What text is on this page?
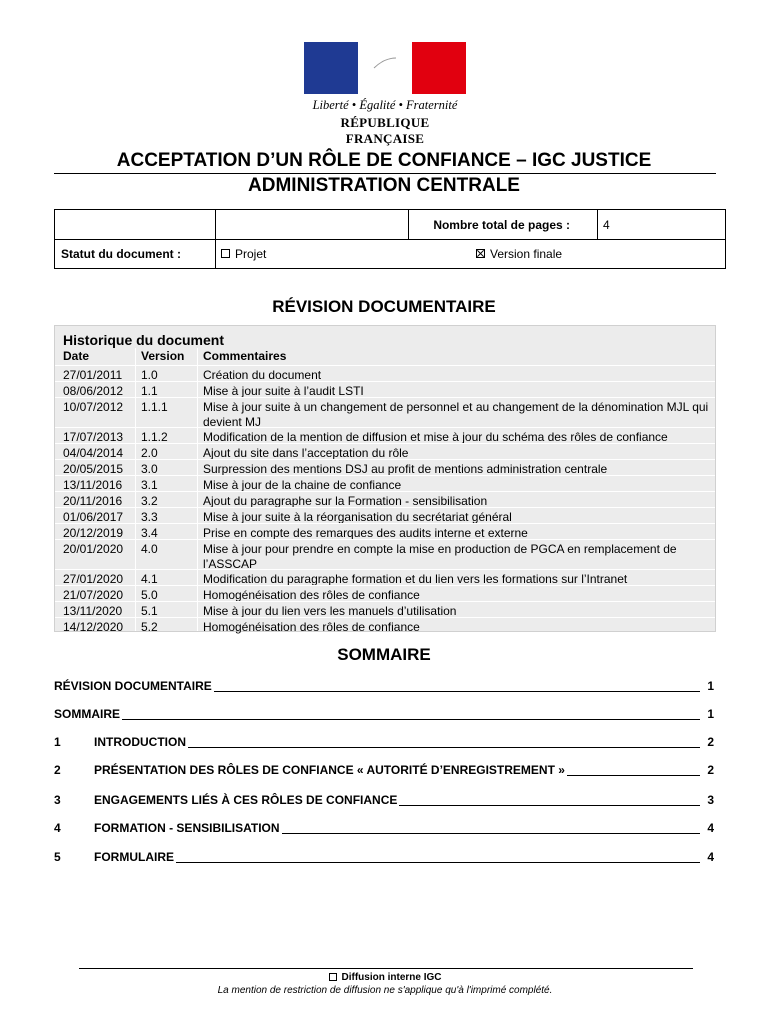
Liberté • Égalité • Fraternité
RÉPUBLIQUE FRANÇAISE
ACCEPTATION D’UN RÔLE DE CONFIANCE – IGC JUSTICE
ADMINISTRATION CENTRALE
Nombre total de pages :	4
Statut du document :	Projet	Version finale
RÉVISION DOCUMENTAIRE
Historique du document
Date	Version Commentaires
27/01/2011 1.0	Création du document
08/06/2012 1.1	Mise à jour suite à l’audit LSTI
10/07/2012 1.1.1	Mise à jour suite à un changement de personnel et au changement de la dénomination MJL qui devient MJ
17/07/2013 1.1.2	Modification de la mention de diffusion et mise à jour du schéma des rôles de confiance
04/04/2014 2.0	Ajout du site dans l’acceptation du rôle
20/05/2015 3.0	Surpression des mentions DSJ au profit de mentions administration centrale
13/11/2016 3.1	Mise à jour de la chaine de confiance
20/11/2016 3.2	Ajout du paragraphe sur la Formation - sensibilisation
01/06/2017 3.3	Mise à jour suite à la réorganisation du secrétariat général
20/12/2019 3.4	Prise en compte des remarques des audits interne et externe
20/01/2020 4.0	Mise à jour pour prendre en compte la mise en production de PGCA en remplacement de l’ASSCAP
27/01/2020 4.1	Modification du paragraphe formation et du lien vers les formations sur l’Intranet
21/07/2020 5.0	Homogénéisation des rôles de confiance
13/11/2020 5.1	Mise à jour du lien vers les manuels d’utilisation
14/12/2020 5.2	Homogénéisation des rôles de confiance
SOMMAIRE
RÉVISION DOCUMENTAIRE	1
SOMMAIRE	1
1	INTRODUCTION	2
2	PRÉSENTATION DES RÔLES DE CONFIANCE « AUTORITÉ D’ENREGISTREMENT »	2
3	ENGAGEMENTS LIÉS À CES RÔLES DE CONFIANCE	3
4	FORMATION - SENSIBILISATION	4
5	FORMULAIRE	4
Diffusion interne IGC
La mention de restriction de diffusion ne s'applique qu'à l'imprimé complété.
